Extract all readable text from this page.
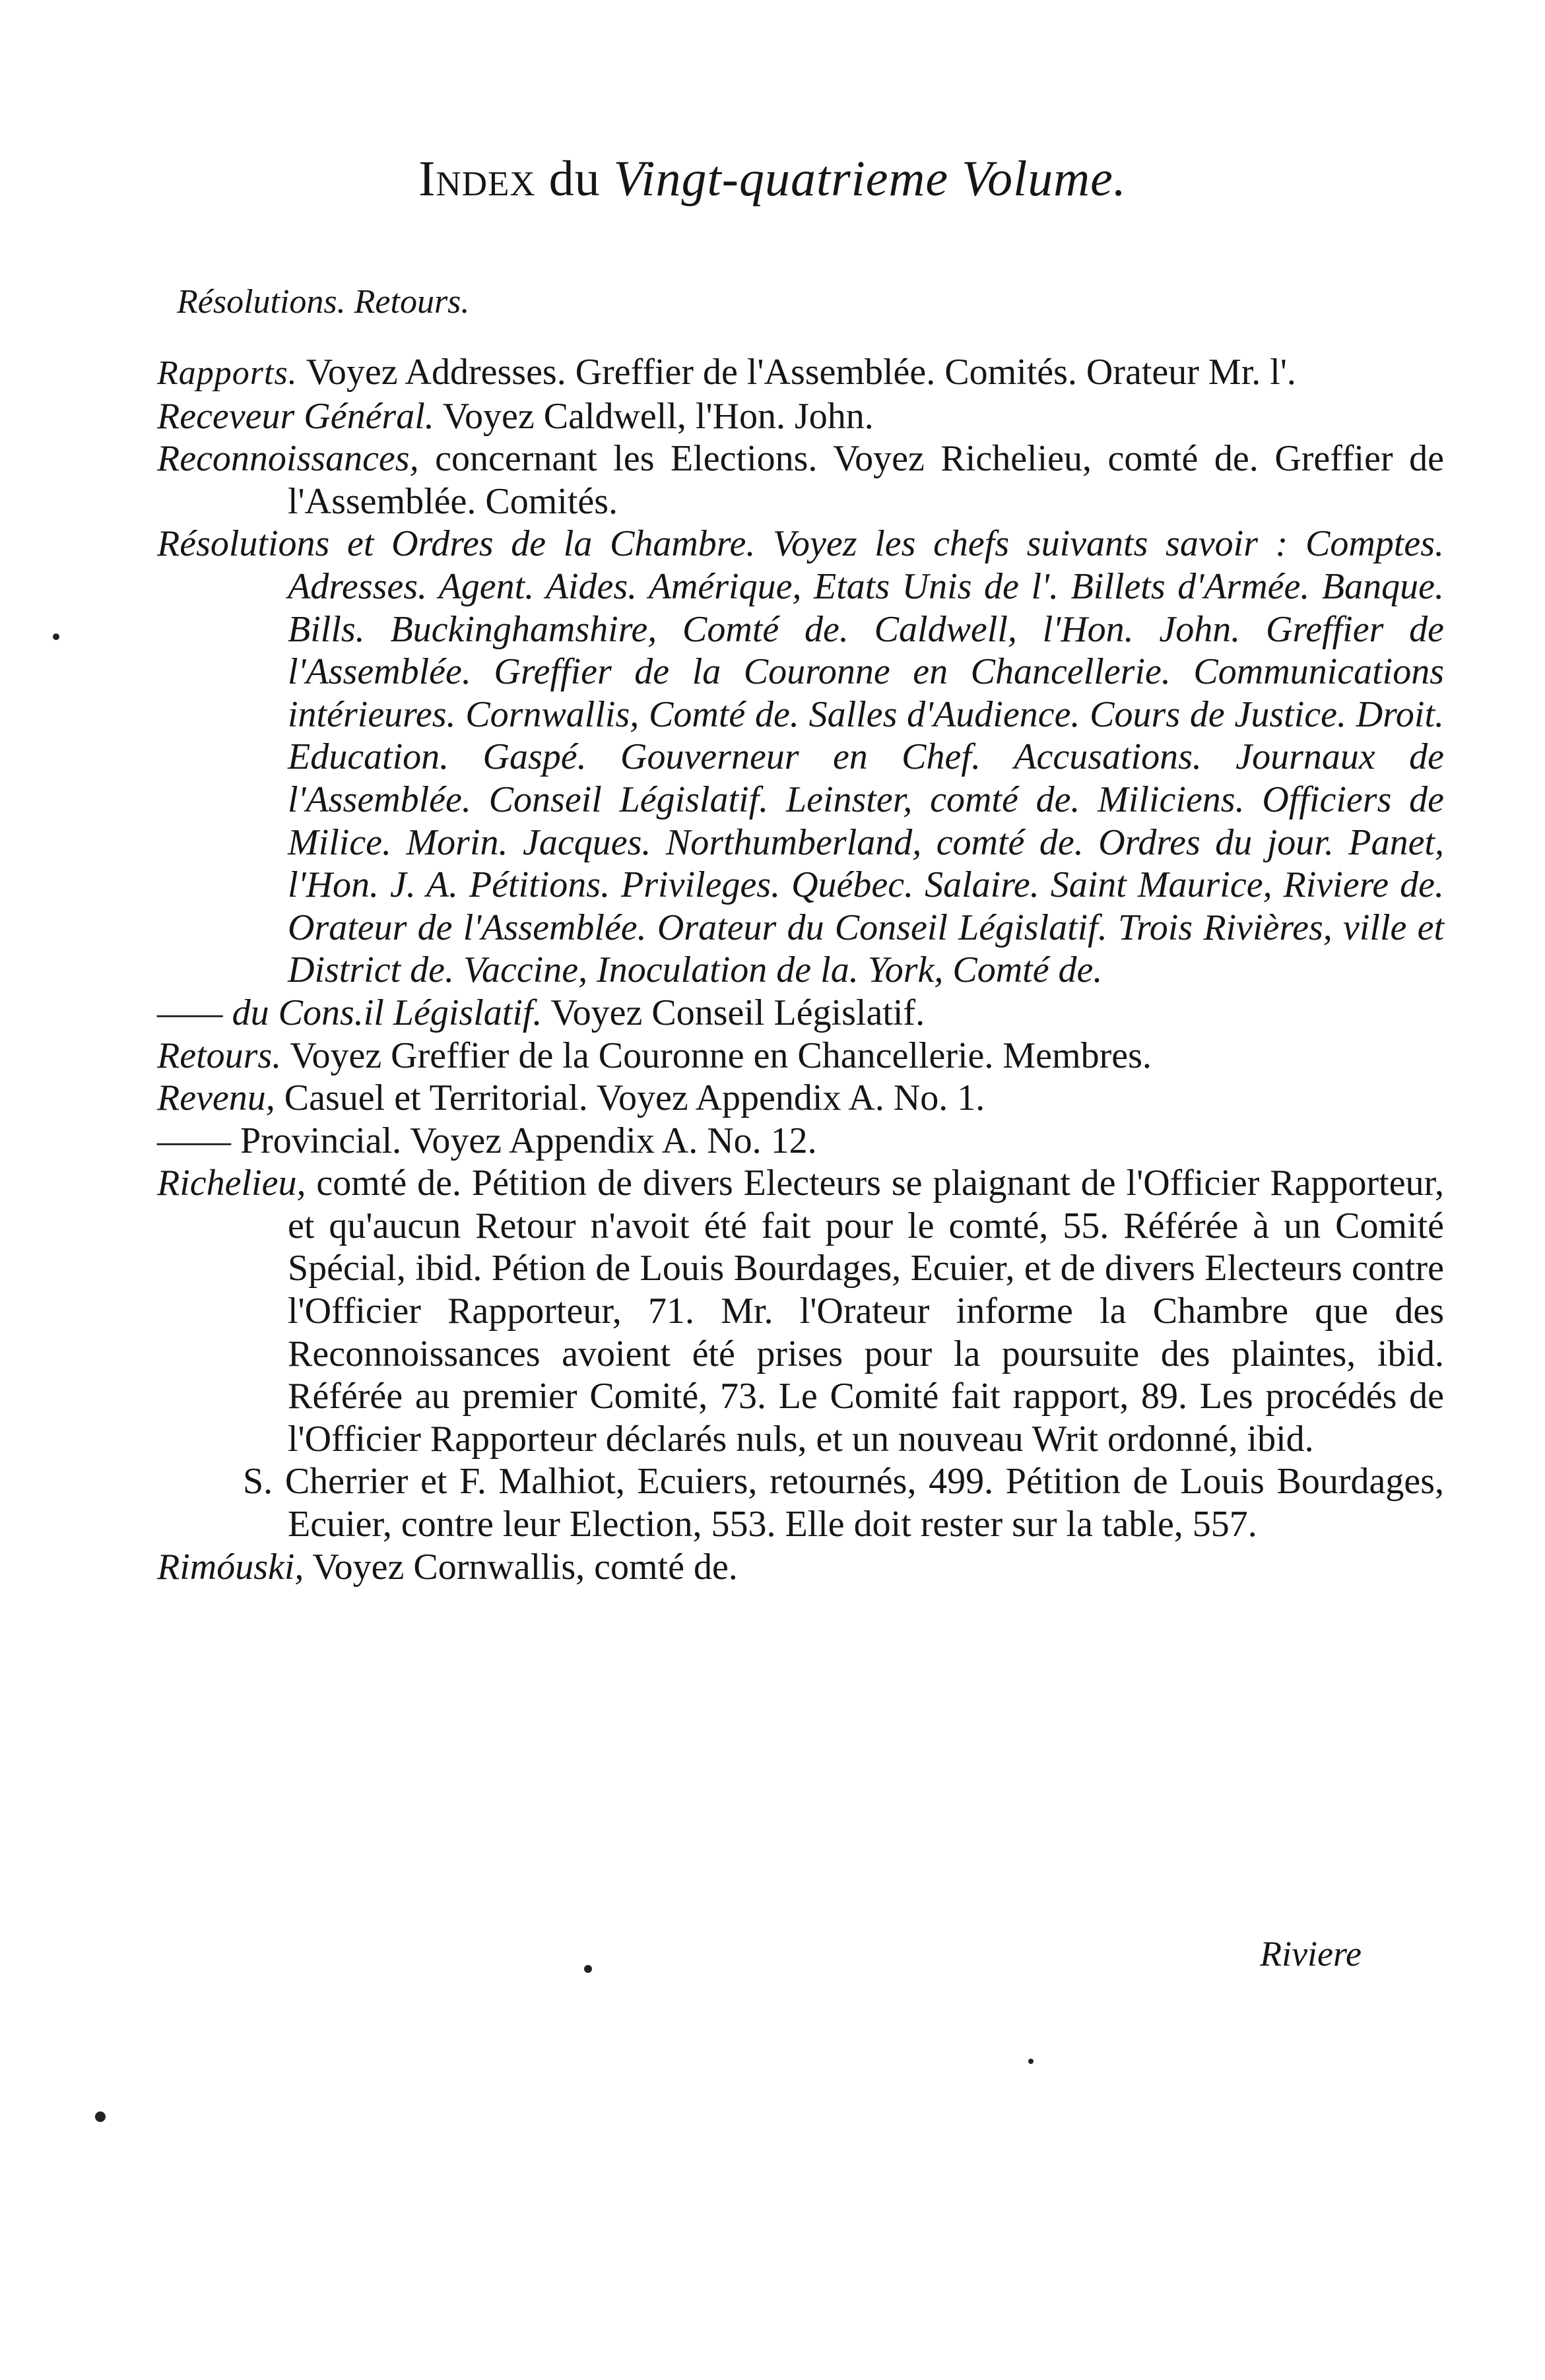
Index du Vingt-quatrieme Volume.
Résolutions. Retours.

Rapports. Voyez Addresses. Greffier de l'Assemblée. Comités. Orateur Mr. l'.

Receveur Général. Voyez Caldwell, l'Hon. John.

Reconnoissances, concernant les Elections. Voyez Richelieu, comté de. Greffier de l'Assemblée. Comités.

Résolutions et Ordres de la Chambre. Voyez les chefs suivants savoir : Comptes. Adresses. Agent. Aides. Amérique, Etats Unis de l'. Billets d'Armée. Banque. Bills. Buckinghamshire, Comté de. Caldwell, l'Hon. John. Greffier de l'Assemblée. Greffier de la Couronne en Chancellerie. Communications intérieures. Cornwallis, Comté de. Salles d'Audience. Cours de Justice. Droit. Education. Gaspé. Gouverneur en Chef. Accusations. Journaux de l'Assemblée. Conseil Législatif. Leinster, comté de. Miliciens. Officiers de Milice. Morin. Jacques. Northumberland, comté de. Ordres du jour. Panet, l'Hon. J. A. Pétitions. Privileges. Québec. Salaire. Saint Maurice, Riviere de. Orateur de l'Assemblée. Orateur du Conseil Législatif. Trois Rivières, ville et District de. Vaccine, Inoculation de la. York, Comté de.

—— du Cons.il Législatif. Voyez Conseil Législatif.

Retours. Voyez Greffier de la Couronne en Chancellerie. Membres.

Revenu, Casuel et Territorial. Voyez Appendix A. No. 1.

—— Provincial. Voyez Appendix A. No. 12.

Richelieu, comté de. Pétition de divers Electeurs se plaignant de l'Officier Rapporteur, et qu'aucun Retour n'avoit été fait pour le comté, 55. Référée à un Comité Spécial, ibid. Pétion de Louis Bourdages, Ecuier, et de divers Electeurs contre l'Officier Rapporteur, 71. Mr. l'Orateur informe la Chambre que des Reconnoissances avoient été prises pour la poursuite des plaintes, ibid. Référée au premier Comité, 73. Le Comité fait rapport, 89. Les procédés de l'Officier Rapporteur déclarés nuls, et un nouveau Writ ordonné, ibid.

S. Cherrier et F. Malhiot, Ecuiers, retournés, 499. Pétition de Louis Bourdages, Ecuier, contre leur Election, 553. Elle doit rester sur la table, 557.

Rimóuski, Voyez Cornwallis, comté de.

Riviere
